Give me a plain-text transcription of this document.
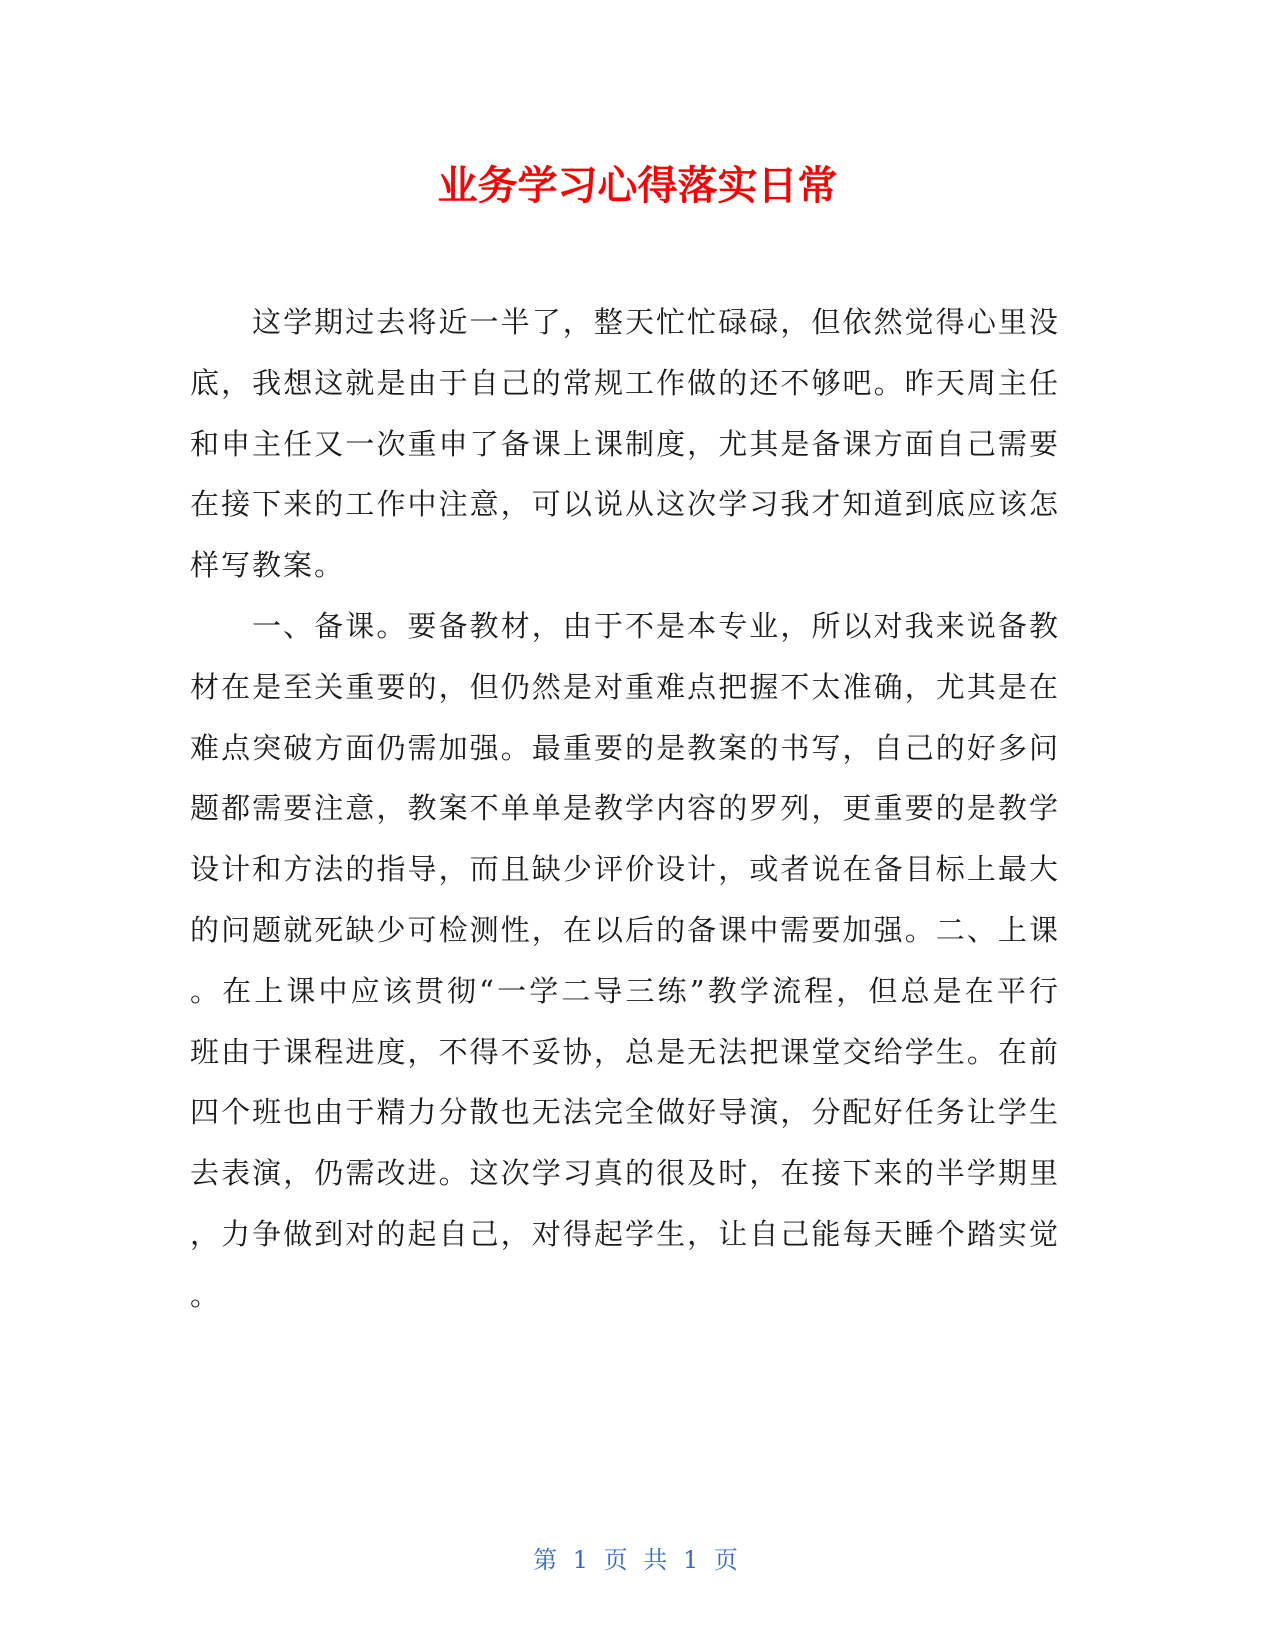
业务学习心得落实日常
这学期过去将近一半了，整天忙忙碌碌，但依然觉得心里没
底，我想这就是由于自己的常规工作做的还不够吧。昨天周主任
和申主任又一次重申了备课上课制度，尤其是备课方面自己需要
在接下来的工作中注意，可以说从这次学习我才知道到底应该怎
样写教案。
一、备课。要备教材，由于不是本专业，所以对我来说备教
材在是至关重要的，但仍然是对重难点把握不太准确，尤其是在
难点突破方面仍需加强。最重要的是教案的书写，自己的好多问
题都需要注意，教案不单单是教学内容的罗列，更重要的是教学
设计和方法的指导，而且缺少评价设计，或者说在备目标上最大
的问题就死缺少可检测性，在以后的备课中需要加强。二、上课
。在上课中应该贯彻“一学二导三练”教学流程，但总是在平行
班由于课程进度，不得不妥协，总是无法把课堂交给学生。在前
四个班也由于精力分散也无法完全做好导演，分配好任务让学生
去表演，仍需改进。这次学习真的很及时，在接下来的半学期里
，力争做到对的起自己，对得起学生，让自己能每天睡个踏实觉
。
第 1 页 共 1 页
